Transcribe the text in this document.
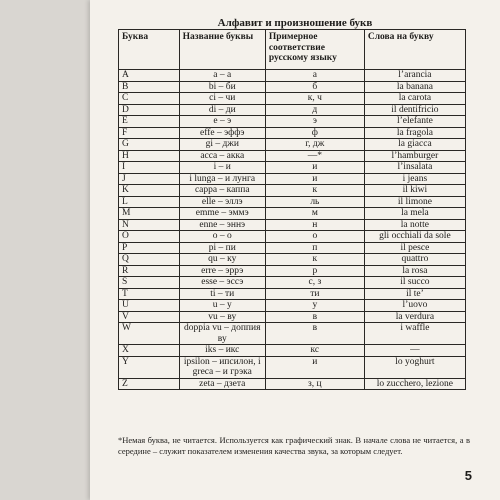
Алфавит и произношение букв
Буква	Название буквы	Примерное соответствие русскому языку	Слова на букву
A	a – a	a	l’arancia
B	bi – би	б	la banana
C	ci – чи	к, ч	la carota
D	di – ди	д	il dentifricio
E	e – э	э	l’elefante
F	effe – эффэ	ф	la fragola
G	gi – джи	г, дж	la giacca
H	acca – акка	—*	l’hamburger
I	i – и	и	l’insalata
J	i lunga – и лунга	и	i jeans
K	cappa – каппа	к	il kiwi
L	elle – эллэ	ль	il limone
M	emme – эммэ	м	la mela
N	enne – эннэ	н	la notte
O	o – o	o	gli occhiali da sole
P	pi – пи	п	il pesce
Q	qu – ку	к	quattro
R	erre – эррэ	р	la rosa
S	esse – эссэ	c, з	il succo
T	ti – ти	ти	il te’
U	u – у	у	l’uovo
V	vu – ву	в	la verdura
W	doppia vu – доппия ву	в	i waffle
X	iks – икс	кс	—
Y	ipsilon – ипсилон, i greca – и грэка	и	lo yoghurt
Z	zeta – дзета	з, ц	lo zucchero, lezione
*Немая буква, не читается. Используется как графический знак. В начале слова не читается, а в середине – служит показателем изменения качества звука, за которым следует.
5
